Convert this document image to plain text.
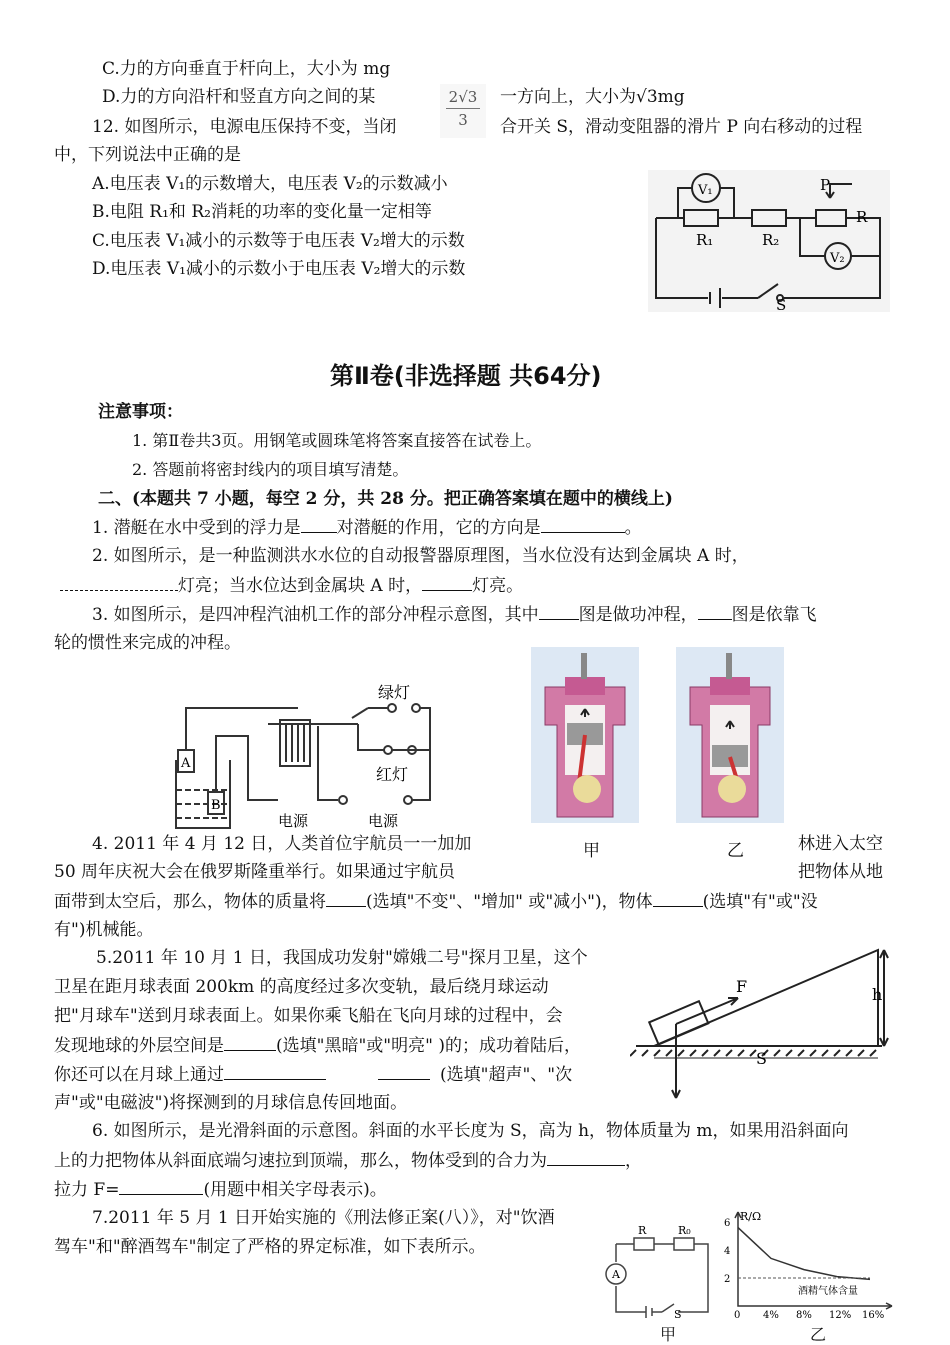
C.力的方向垂直于杆向上，大小为 mg
D.力的方向沿杆和竖直方向之间的某	$\frac{2√3}{3}$ 一方向上，大小为√3mg
12. 如图所示，电源电压保持不变，当闭	合开关 S，滑动变阻器的滑片 P 向右移动的过程
中，下列说法中正确的是
A.电压表 V₁的示数增大，电压表 V₂的示数减小
B.电阻 R₁和 R₂消耗的功率的变化量一定相等
C.电压表 V₁减小的示数等于电压表 V₂增大的示数
D.电压表 V₁减小的示数小于电压表 V₂增大的示数
V₁
V₂
R₁	R₂
R
P
S
第Ⅱ卷(非选择题 共64分)
注意事项：
1. 第Ⅱ卷共3页。用钢笔或圆珠笔将答案直接答在试卷上。
2. 答题前将密封线内的项目填写清楚。
二、(本题共 7 小题，每空 2 分，共 28 分。把正确答案填在题中的横线上)
1. 潜艇在水中受到的浮力是 对潜艇的作用，它的方向是	。
2. 如图所示，是一种监测洪水水位的自动报警器原理图，当水位没有达到金属块 A 时，
灯亮；当水位达到金属块 A 时，	灯亮。
3. 如图所示，是四冲程汽油机工作的部分冲程示意图，其中 图是做功冲程， 图是依靠飞
轮的惯性来完成的冲程。
绿灯
红灯
电源	电源
A
B
甲	乙
4. 2011 年 4 月 12 日，人类首位宇航员一一加加	林进入太空
50 周年庆祝大会在俄罗斯隆重举行。如果通过宇航员	把物体从地
面带到太空后，那么，物体的质量将 (选填"不变"、"增加" 或"减小")，物体	(选填"有"或"没
有")机械能。
5.2011 年 10 月 1 日，我国成功发射"嫦娥二号"探月卫星，这个
卫星在距月球表面 200km 的高度经过多次变轨，最后绕月球运动
把"月球车"送到月球表面上。如果你乘飞船在飞向月球的过程中，会
发现地球的外层空间是	(选填"黑暗"或"明亮" )的；成功着陆后，
你还可以在月球上通过	(选填"超声"、"次
声"或"电磁波")将探测到的月球信息传回地面。
F	h
S
6. 如图所示，是光滑斜面的示意图。斜面的水平长度为 S，高为 h，物体质量为 m，如果用沿斜面向
上的力把物体从斜面底端匀速拉到顶端，那么，物体受到的合力为	，
拉力 F=	(用题中相关字母表示)。
7.2011 年 5 月 1 日开始实施的《刑法修正案(八）》，对"饮酒
驾车"和"醉酒驾车"制定了严格的界定标准，如下表所示。
R	R₀
A
S
甲
R/Ω
酒精气体含量
0 4% 8% 12% 16%
6
4
2
乙
